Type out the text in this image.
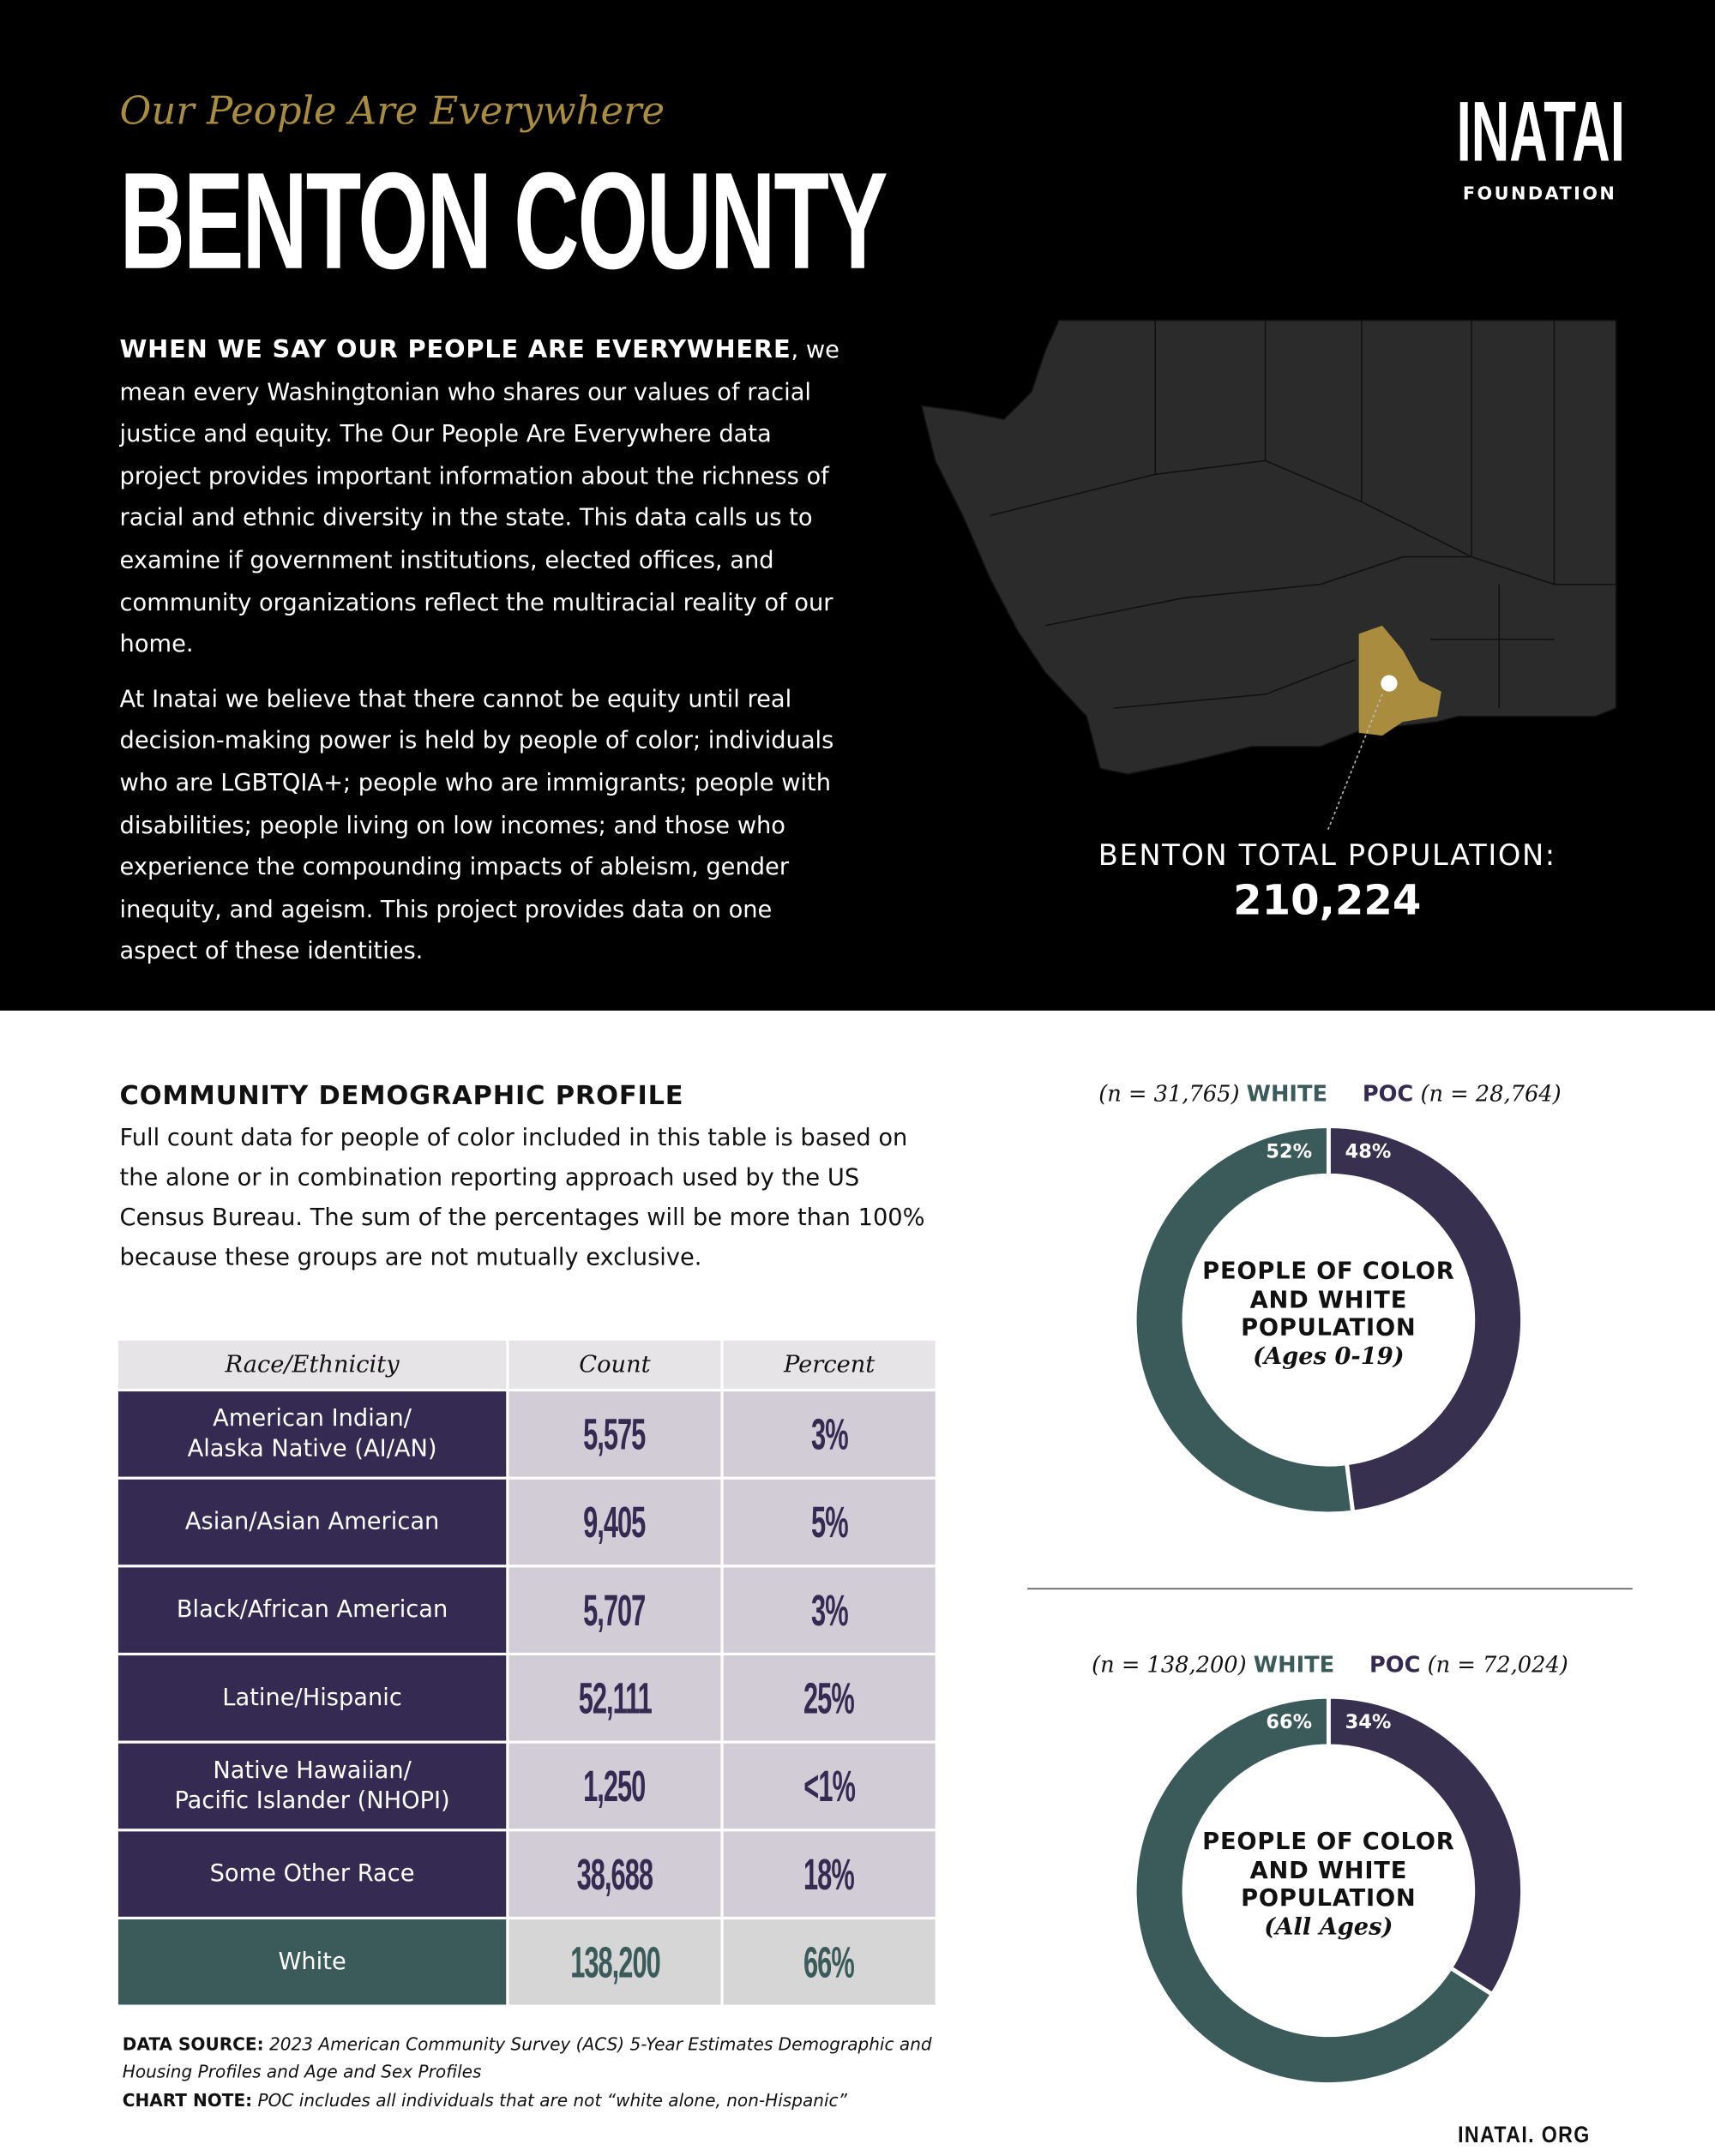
Our People Are Everywhere
BENTON COUNTY
INATAI
FOUNDATION

WHEN WE SAY OUR PEOPLE ARE EVERYWHERE, we mean every Washingtonian who shares our values of racial justice and equity. The Our People Are Everywhere data project provides important information about the richness of racial and ethnic diversity in the state. This data calls us to examine if government institutions, elected offices, and community organizations reflect the multiracial reality of our home.

At Inatai we believe that there cannot be equity until real decision-making power is held by people of color; individuals who are LGBTQIA+; people who are immigrants; people with disabilities; people living on low incomes; and those who experience the compounding impacts of ableism, gender inequity, and ageism. This project provides data on one aspect of these identities.

BENTON TOTAL POPULATION:
210,224
COMMUNITY DEMOGRAPHIC PROFILE
Full count data for people of color included in this table is based on the alone or in combination reporting approach used by the US Census Bureau. The sum of the percentages will be more than 100% because these groups are not mutually exclusive.
Race/Ethnicity	Count	Percent
American Indian/
Alaska Native (AI/AN)	5,575	3%
Asian/Asian American	9,405	5%
Black/African American	5,707	3%
Latine/Hispanic	52,111	25%
Native Hawaiian/
Pacific Islander (NHOPI)	1,250	<1%
Some Other Race	38,688	18%
White	138,200	66%
DATA SOURCE: 2023 American Community Survey (ACS) 5-Year Estimates Demographic and Housing Profiles and Age and Sex Profiles
CHART NOTE: POC includes all individuals that are not “white alone, non-Hispanic”
(n = 31,765) WHITE	POC (n = 28,764)
52%	48%
PEOPLE OF COLOR
AND WHITE
POPULATION
(Ages 0-19)
(n = 138,200) WHITE	POC (n = 72,024)
66%	34%
PEOPLE OF COLOR
AND WHITE
POPULATION
(All Ages)
INATAI. ORG
